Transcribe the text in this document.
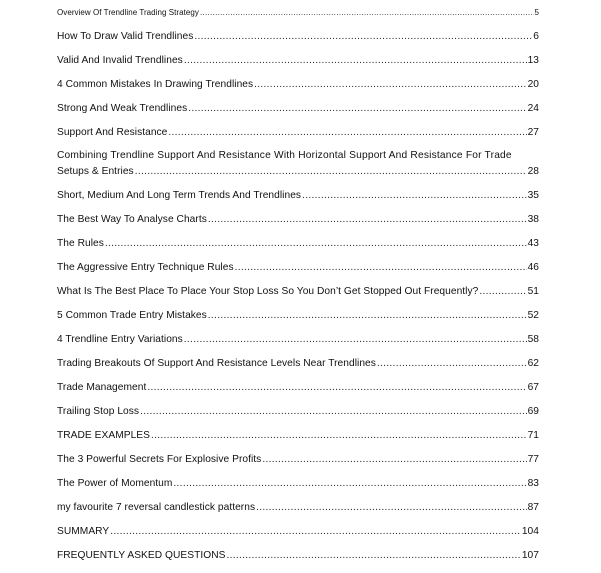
Overview Of Trendline Trading Strategy .....	5
How To Draw Valid Trendlines .....	6
Valid And Invalid Trendlines .....	13
4 Common Mistakes In Drawing Trendlines .....	20
Strong And Weak Trendlines .....	24
Support And Resistance .....	27
Combining Trendline Support And Resistance With Horizontal Support And Resistance For Trade
Setups & Entries .....	28
Short, Medium And Long Term Trends And Trendlines .....	35
The Best Way To Analyse Charts .....	38
The Rules .....	43
The Aggressive Entry Technique Rules .....	46
What Is The Best Place To Place Your Stop Loss So You Don’t Get Stopped Out Frequently? .....	51
5 Common Trade Entry Mistakes .....	52
4 Trendline Entry Variations .....	58
Trading Breakouts Of Support And Resistance Levels Near Trendlines .....	62
Trade Management .....	67
Trailing Stop Loss .....	69
TRADE EXAMPLES .....	71
The 3 Powerful Secrets For Explosive Profits .....	77
The Power of Momentum .....	83
my favourite 7 reversal candlestick patterns .....	87
SUMMARY .....	104
FREQUENTLY ASKED QUESTIONS .....	107
